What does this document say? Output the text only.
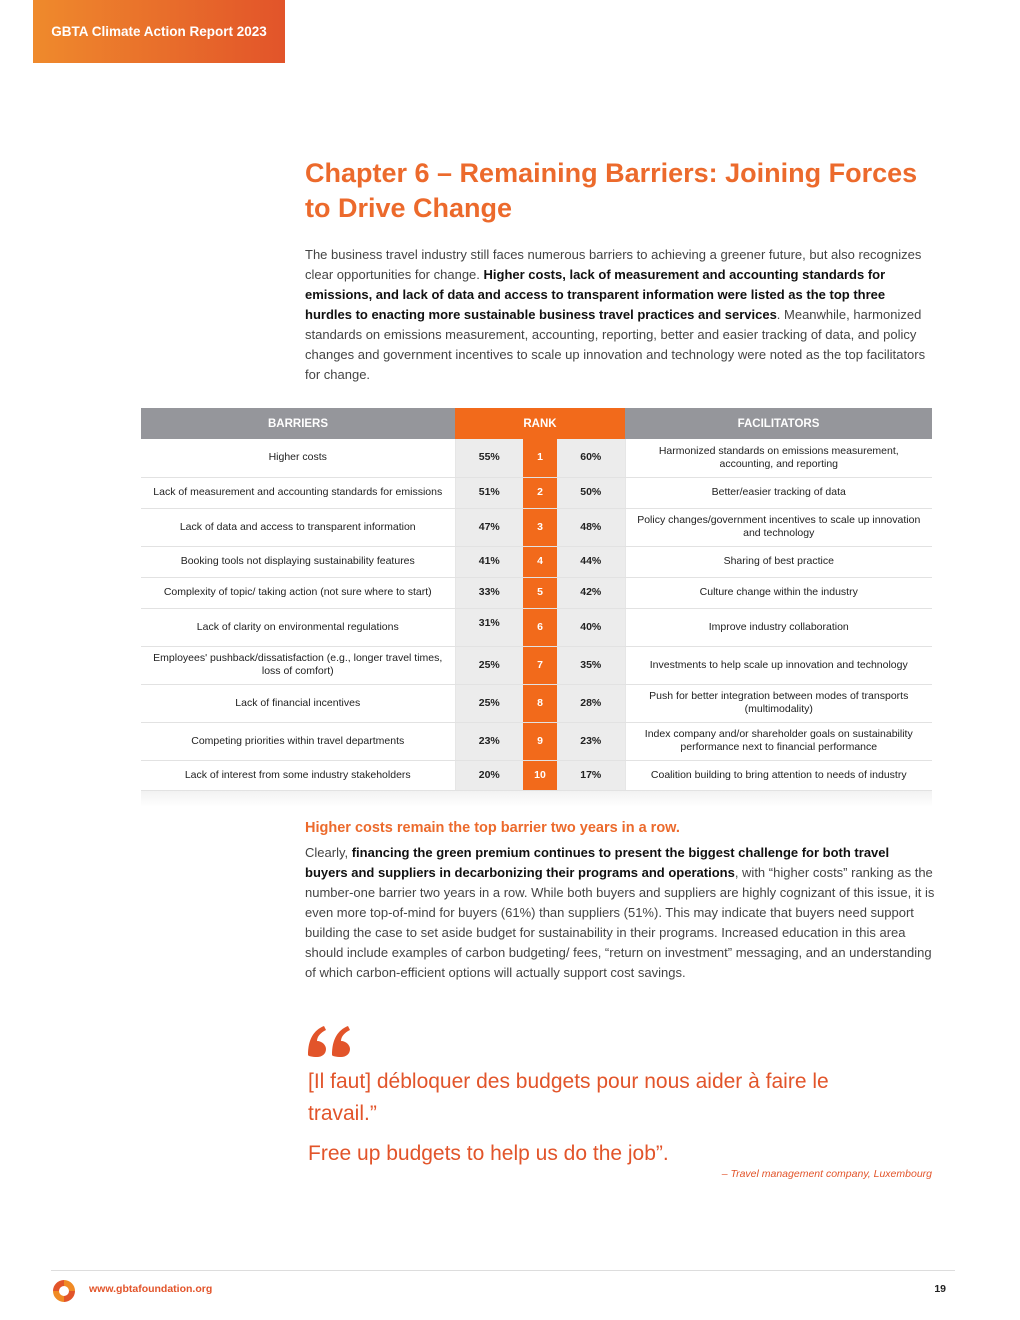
GBTA Climate Action Report 2023
Chapter 6 – Remaining Barriers: Joining Forces to Drive Change

The business travel industry still faces numerous barriers to achieving a greener future, but also recognizes clear opportunities for change. Higher costs, lack of measurement and accounting standards for emissions, and lack of data and access to transparent information were listed as the top three hurdles to enacting more sustainable business travel practices and services. Meanwhile, harmonized standards on emissions measurement, accounting, reporting, better and easier tracking of data, and policy changes and government incentives to scale up innovation and technology were noted as the top facilitators for change.

BARRIERS	RANK			FACILITATORS
Higher costs	55%	1	60%	Harmonized standards on emissions measurement, accounting, and reporting
Lack of measurement and accounting standards for emissions	51%	2	50%	Better/easier tracking of data
Lack of data and access to transparent information	47%	3	48%	Policy changes/government incentives to scale up innovation and technology
Booking tools not displaying sustainability features	41%	4	44%	Sharing of best practice
Complexity of topic/ taking action (not sure where to start)	33%	5	42%	Culture change within the industry
Lack of clarity on environmental regulations	31%	6	40%	Improve industry collaboration
Employees' pushback/dissatisfaction (e.g., longer travel times, loss of comfort)	25%	7	35%	Investments to help scale up innovation and technology
Lack of financial incentives	25%	8	28%	Push for better integration between modes of transports (multimodality)
Competing priorities within travel departments	23%	9	23%	Index company and/or shareholder goals on sustainability performance next to financial performance
Lack of interest from some industry stakeholders	20%	10	17%	Coalition building to bring attention to needs of industry
Higher costs remain the top barrier two years in a row.

Clearly, financing the green premium continues to present the biggest challenge for both travel buyers and suppliers in decarbonizing their programs and operations, with “higher costs” ranking as the number-one barrier two years in a row. While both buyers and suppliers are highly cognizant of this issue, it is even more top-of-mind for buyers (61%) than suppliers (51%). This may indicate that buyers need support building the case to set aside budget for sustainability in their programs. Increased education in this area should include examples of carbon budgeting/ fees, “return on investment” messaging, and an understanding of which carbon-efficient options will actually support cost savings.

[Il faut] débloquer des budgets pour nous aider à faire le travail.”

Free up budgets to help us do the job”.

– Travel management company, Luxembourg

www.gbtafoundation.org	19
